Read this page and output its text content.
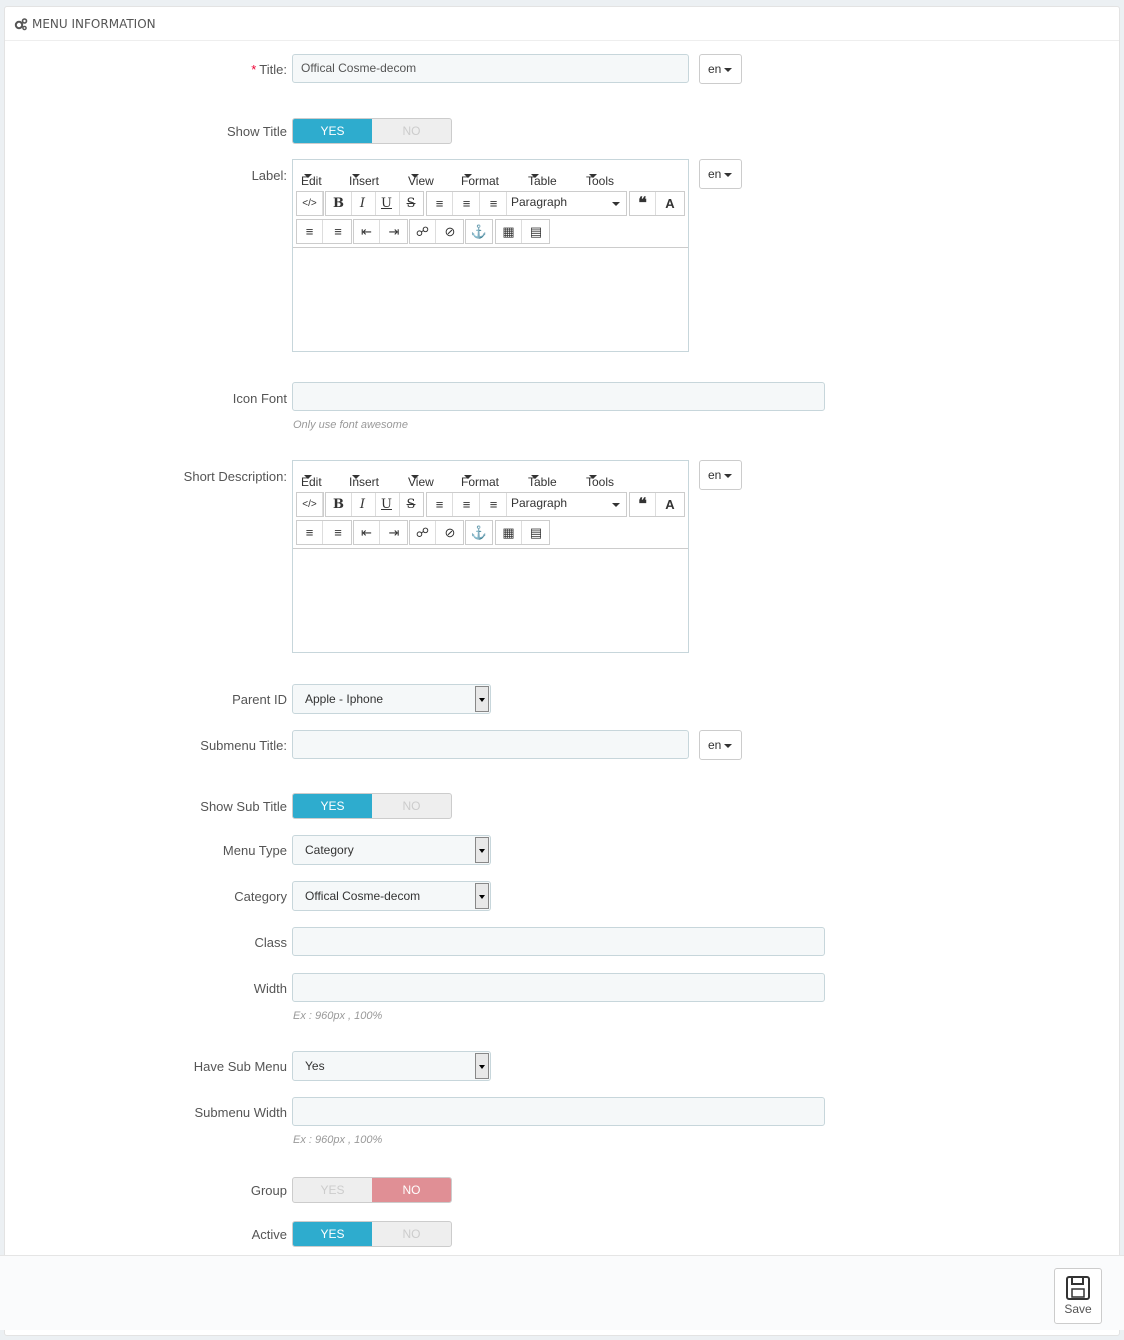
MENU INFORMATION
* Title:	Offical Cosme-decom	en
Show Title	YES	NO
Label: Edit Insert View Format Table Tools
</>	B	I	U	S	≡	≡	≡	Paragraph	❝	A
≡	≡	⇤	⇥	☍	⊘	⚓	▦	▤
en
Icon Font
Only use font awesome
Short Description: Edit Insert View Format Table Tools
</>	B	I	U	S	≡	≡	≡	Paragraph	❝	A
≡	≡	⇤	⇥	☍	⊘	⚓	▦	▤
en
Parent ID	Apple - Iphone
Submenu Title:	en
Show Sub Title	YES	NO
Menu Type	Category
Category	Offical Cosme-decom
Class
Width
Ex : 960px , 100%
Have Sub Menu	Yes
Submenu Width
Ex : 960px , 100%
Group	YES	NO
Active	YES	NO
Save
